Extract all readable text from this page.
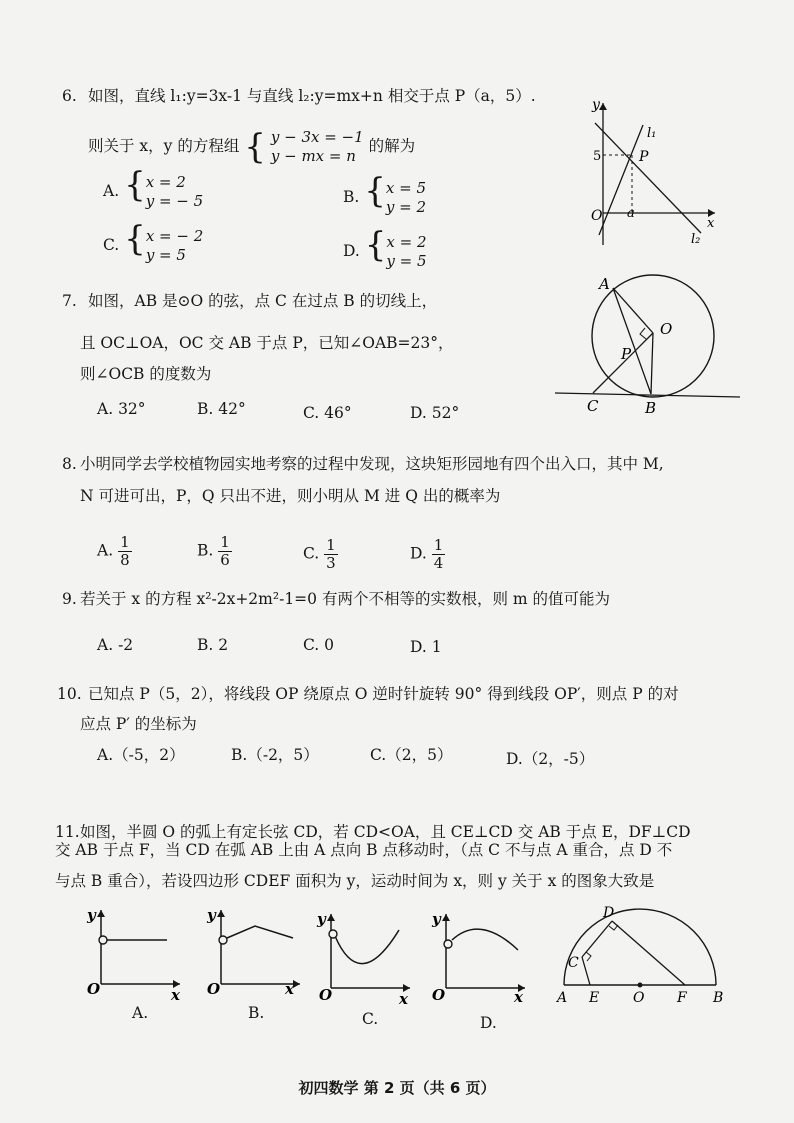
6. 如图，直线 l₁:y=3x-1 与直线 l₂:y=mx+n 相交于点 P（a，5）.
则关于 x，y 的方程组 { y − 3x = −1
y − mx = n
的解为
A. { x = 2
y = − 5	B. { x = 5
y = 2
C. { x = − 2
y = 5	D. { x = 2
y = 5
y
5	P
O a
x
l₁
l₂
7. 如图，AB 是⊙O 的弦，点 C 在过点 B 的切线上，
且 OC⊥OA，OC 交 AB 于点 P，已知∠OAB=23°，
则∠OCB 的度数为
A. 32°	B. 42°	C. 46°	D. 52°
A
O
P
C	B
8. 小明同学去学校植物园实地考察的过程中发现，这块矩形园地有四个出入口，其中 M,
N 可进可出，P，Q 只出不进，则小明从 M 进 Q 出的概率为
A. $\frac{1}{8}$	B. $\frac{1}{6}$	C. $\frac{1}{3}$	D. $\frac{1}{4}$
9. 若关于 x 的方程 x²-2x+2m²-1=0 有两个不相等的实数根，则 m 的值可能为
A. -2	B. 2	C. 0	D. 1
10. 已知点 P（5，2），将线段 OP 绕原点 O 逆时针旋转 90° 得到线段 OP′，则点 P 的对
应点 P′ 的坐标为
A.（-5，2）	B.（-2，5）	C.（2，5）	D.（2，-5）
11. 如图，半圆 O 的弧上有定长弦 CD，若 CD<OA，且 CE⊥CD 交 AB 于点 E，DF⊥CD
交 AB 于点 F，当 CD 在弧 AB 上由 A 点向 B 点移动时，（点 C 不与点 A 重合，点 D 不
与点 B 重合），若设四边形 CDEF 面积为 y，运动时间为 x，则 y 关于 x 的图象大致是
y
O	x
A.
y
O	x
B.
y
O	x
C.
y
O	x
D.
D
C
A E O F B
初四数学 第 2 页（共 6 页）
